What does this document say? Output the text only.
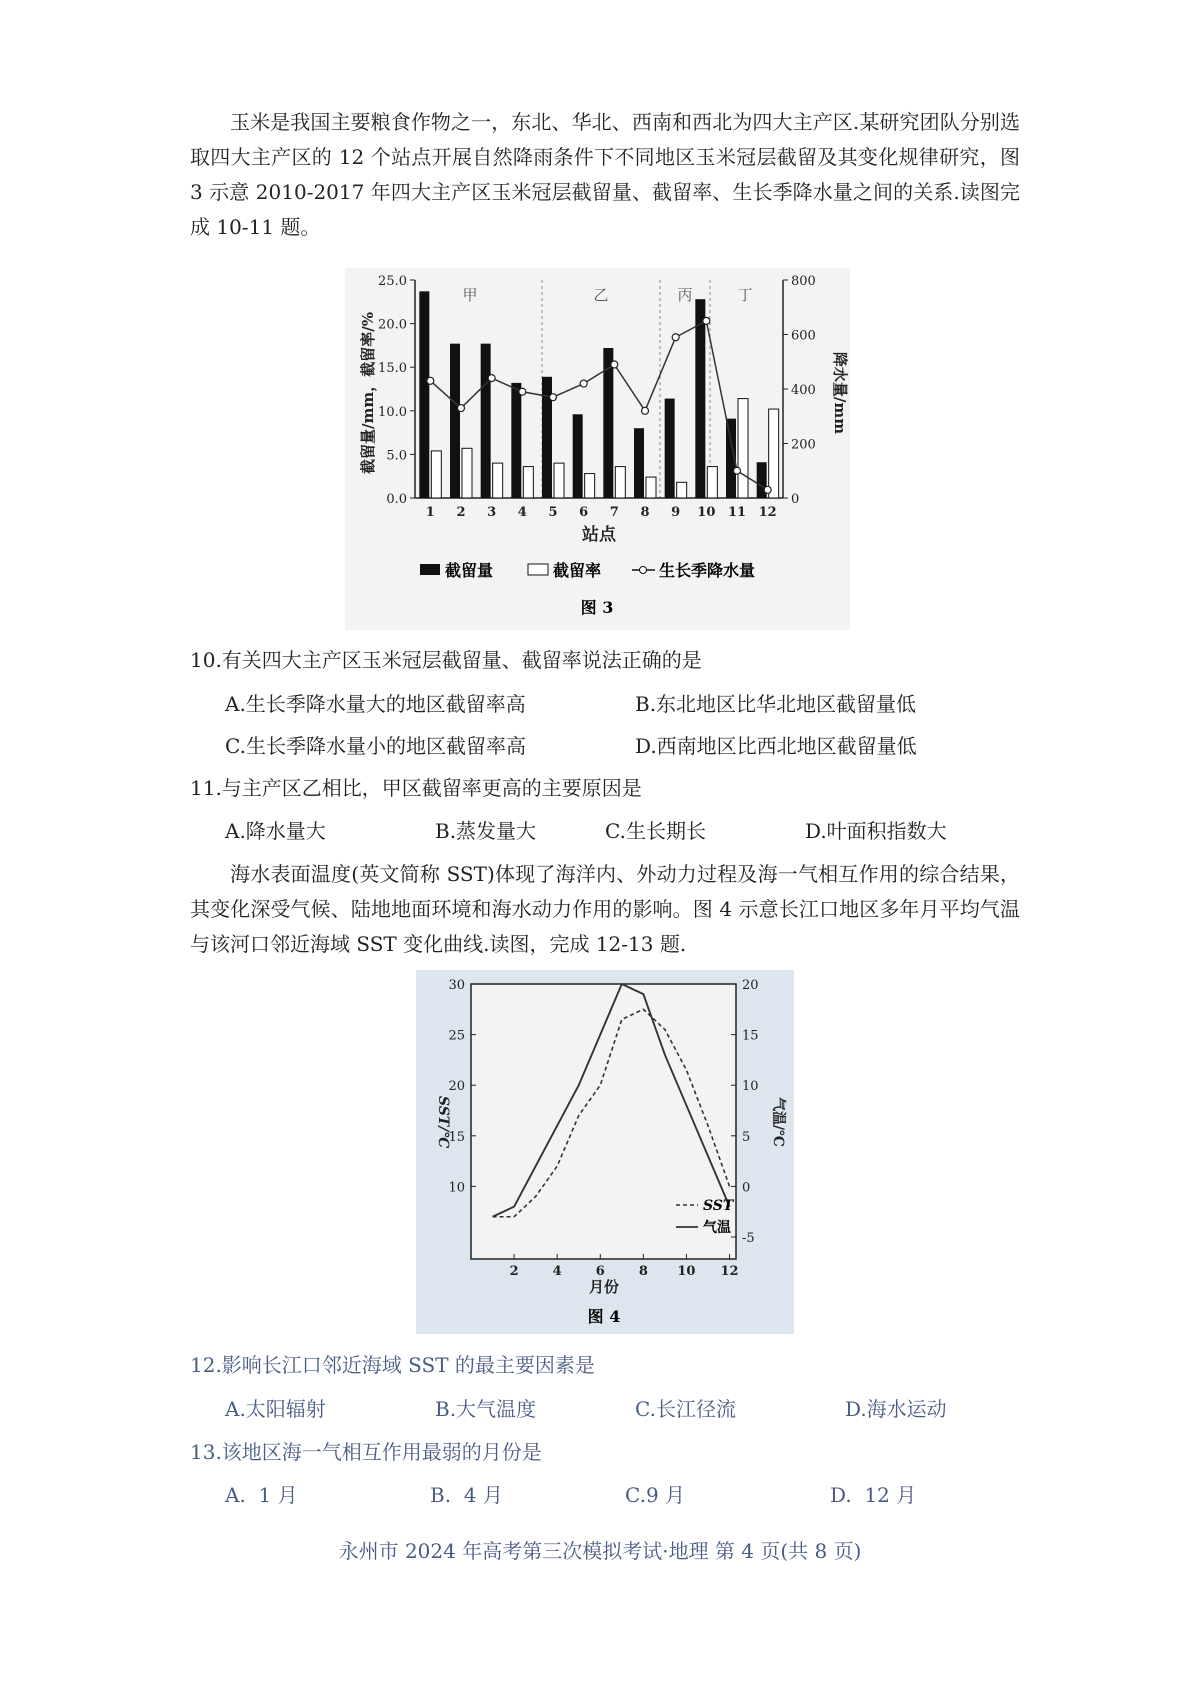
玉米是我国主要粮食作物之一，东北、华北、西南和西北为四大主产区.某研究团队分别选取四大主产区的 12 个站点开展自然降雨条件下不同地区玉米冠层截留及其变化规律研究，图 3 示意 2010-2017 年四大主产区玉米冠层截留量、截留率、生长季降水量之间的关系.读图完成 10-11 题。
25.0
20.0
15.0
10.0
5.0
0.0
800
600
400
200
0
1 2 3 4 5 6 7 8 9 10 11 12
甲	乙	丙	丁
截留量/mm，截留率/%	降水量/mm
站点
截留量	截留率	生长季降水量
图 3
10.有关四大主产区玉米冠层截留量、截留率说法正确的是
A.生长季降水量大的地区截留率高	B.东北地区比华北地区截留量低
C.生长季降水量小的地区截留率高	D.西南地区比西北地区截留量低
11.与主产区乙相比，甲区截留率更高的主要原因是
A.降水量大	B.蒸发量大	C.生长期长	D.叶面积指数大
海水表面温度(英文简称 SST)体现了海洋内、外动力过程及海一气相互作用的综合结果，其变化深受气候、陆地地面环境和海水动力作用的影响。图 4 示意长江口地区多年月平均气温与该河口邻近海域 SST 变化曲线.读图，完成 12-13 题.
30
25
20
15
10
20
15
10
5
0
-5
2	4	6	8 10 12
SST/℃	气温/℃
月份
SST
气温
图 4
12.影响长江口邻近海域 SST 的最主要因素是
A.太阳辐射	B.大气温度	C.长江径流	D.海水运动
13.该地区海一气相互作用最弱的月份是
A.  1 月	B.  4 月	C.9 月	D.  12 月
永州市 2024 年高考第三次模拟考试·地理 第 4 页(共 8 页)
